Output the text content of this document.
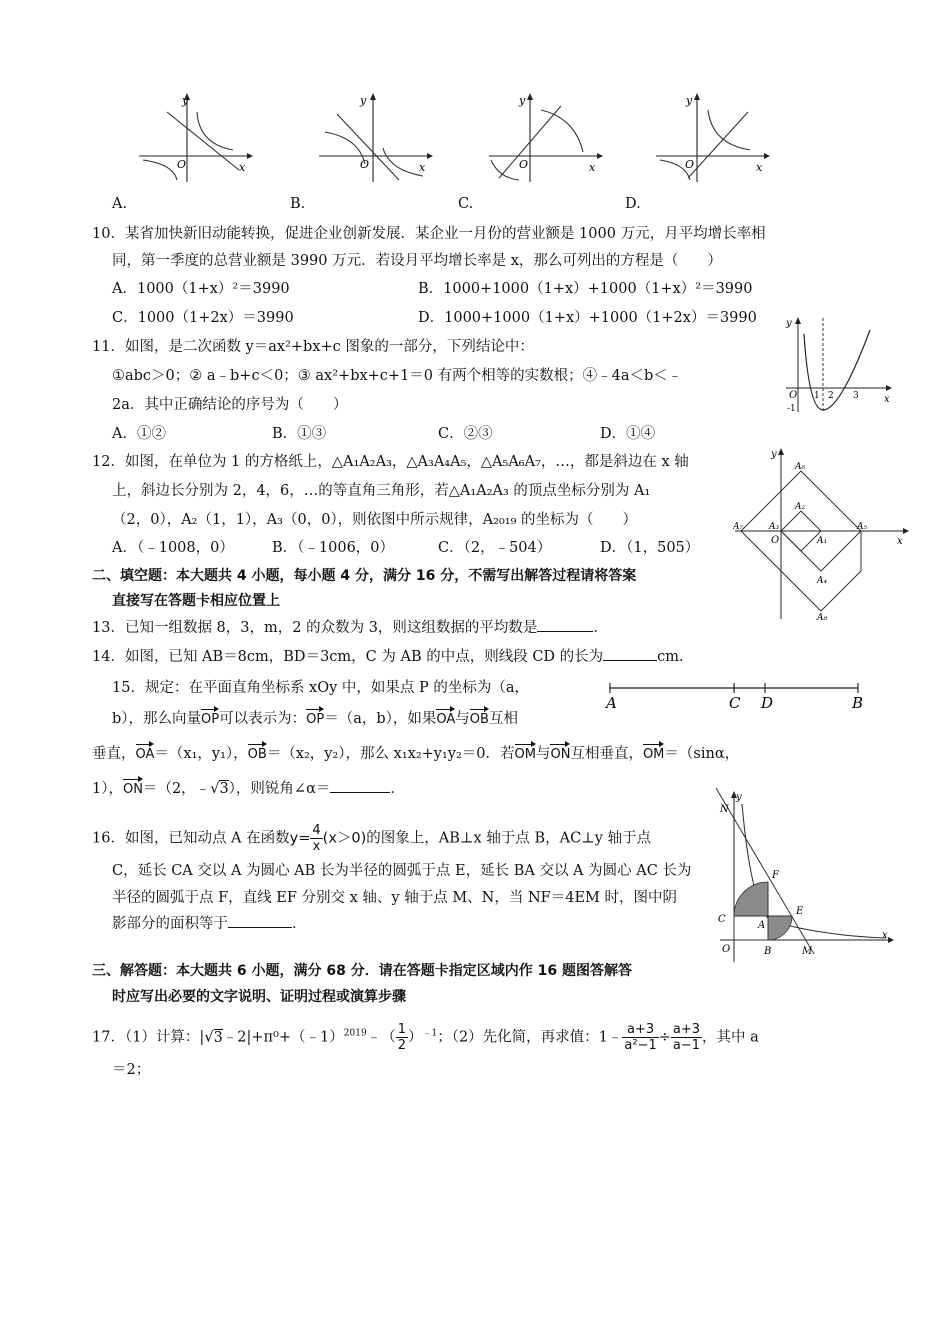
y
x
O
y
x
O
y
x
O
y
x
O
A.	B.	C.	D.
10．某省加快新旧动能转换，促进企业创新发展．某企业一月份的营业额是 1000 万元，月平均增长率相
同，第一季度的总营业额是 3990 万元．若设月平均增长率是 x，那么可列出的方程是（　　）
A．1000（1+x）²＝3990	B．1000+1000（1+x）+1000（1+x）²＝3990
C．1000（1+2x）＝3990	D．1000+1000（1+x）+1000（1+2x）＝3990	y
x
O
-1
1 2 3
11．如图，是二次函数 y＝ax²+bx+c 图象的一部分，下列结论中：
①abc＞0；② a﹣b+c＜0；③ ax²+bx+c+1＝0 有两个相等的实数根；④﹣4a＜b＜﹣
2a．其中正确结论的序号为（　　）
A．①②	B．①③	C．②③	D．①④
y
x
O	A₁
A₂
A₃
A₄
A₅
A₆
A₇
A₈
12．如图，在单位为 1 的方格纸上，△A₁A₂A₃，△A₃A₄A₅，△A₅A₆A₇，…，都是斜边在 x 轴
上，斜边长分别为 2，4，6，…的等直角三角形，若△A₁A₂A₃ 的顶点坐标分别为 A₁
（2，0），A₂（1，1），A₃（0，0），则依图中所示规律，A₂₀₁₉ 的坐标为（　　）
A．（﹣1008，0）	B．（﹣1006，0）	C．（2，﹣504）	D．（1，505）
二、填空题：本大题共 4 小题，每小题 4 分，满分 16 分，不需写出解答过程请将答案
直接写在答题卡相应位置上
13．已知一组数据 8，3，m，2 的众数为 3，则这组数据的平均数是	．
14．如图，已知 AB＝8cm，BD＝3cm，C 为 AB 的中点，则线段 CD 的长为	cm．
A	C D	B
15．规定：在平面直角坐标系 xOy 中，如果点 P 的坐标为（a，
b），那么向量OP可以表示为：OP＝（a，b），如果OA与OB互相
垂直，OA＝（x₁，y₁），OB＝（x₂，y₂），那么 x₁x₂+y₁y₂＝0．若OM与ON互相垂直，OM＝（sinα，
1），ON＝（2，﹣√3），则锐角∠α＝	．
y
x
O
F
E
C
A
B	M
N
16．如图，已知动点 A 在函数$y= \frac{4}{x} (x>0)$的图象上，AB⊥x 轴于点 B，AC⊥y 轴于点
C，延长 CA 交以 A 为圆心 AB 长为半径的圆弧于点 E，延长 BA 交以 A 为圆心 AC 长为
半径的圆弧于点 F，直线 EF 分别交 x 轴、y 轴于点 M、N，当 NF＝4EM 时，图中阴
影部分的面积等于	．
三、解答题：本大题共 6 小题，满分 68 分．请在答题卡指定区域内作 16 题图答解答
时应写出必要的文字说明、证明过程或演算步骤
17．（1）计算：|√3﹣2|+π⁰+（﹣1）$^{2019}$﹣（ $\frac{1}{2} )^{﹣1}$；（2）先化简，再求值：1﹣ $\frac{a+3}{\text{a²−1}} \div \frac{a+3}{a-1}$ ，其中 a
＝2；
